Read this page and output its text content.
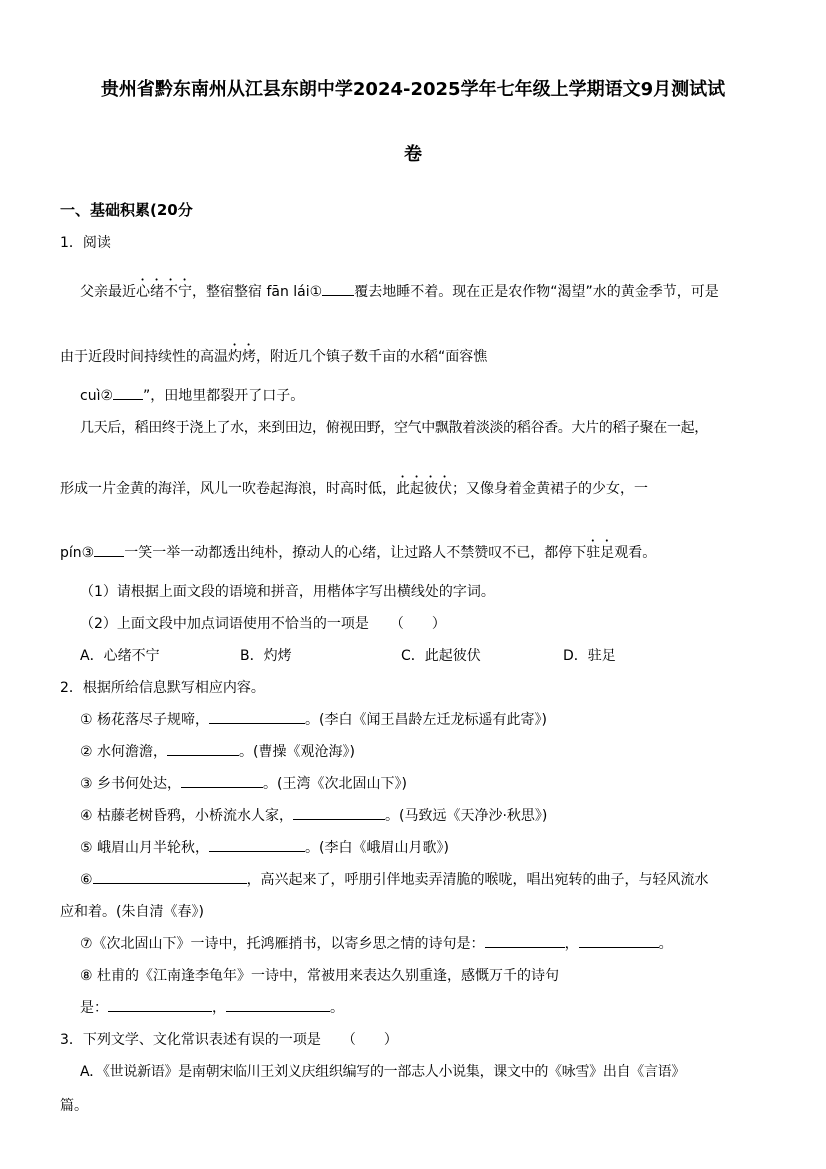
贵州省黔东南州从江县东朗中学2024-2025学年七年级上学期语文9月测试试
卷
一、基础积累(20分
1．阅读
父亲最近心绪不宁，整宿整宿 fān lái① 覆去地睡不着。现在正是农作物“渴望”水的黄金季节，可是
由于近段时间持续性的高温灼烤，附近几个镇子数千亩的水稻“面容憔
cuì② ”，田地里都裂开了口子。
几天后，稻田终于浇上了水，来到田边，俯视田野，空气中飘散着淡淡的稻谷香。大片的稻子聚在一起，
形成一片金黄的海洋，风儿一吹卷起海浪，时高时低，此起彼伏；又像身着金黄裙子的少女，一
pín③ 一笑一举一动都透出纯朴，撩动人的心绪，让过路人不禁赞叹不已，都停下驻足观看。
（1）请根据上面文段的语境和拼音，用楷体字写出横线处的字词。
（2）上面文段中加点词语使用不恰当的一项是　　（　　）
A．心绪不宁	B．灼烤	C．此起彼伏	D．驻足
2．根据所给信息默写相应内容。
① 杨花落尽子规啼，	。(李白《闻王昌龄左迁龙标遥有此寄》)
② 水何澹澹，	。(曹操《观沧海》)
③ 乡书何处达，	。(王湾《次北固山下》)
④ 枯藤老树昏鸦，小桥流水人家，	。(马致远《天净沙·秋思》)
⑤ 峨眉山月半轮秋，	。(李白《峨眉山月歌》)
⑥	，高兴起来了，呼朋引伴地卖弄清脆的喉咙，唱出宛转的曲子，与轻风流水
应和着。(朱自清《春》)
⑦《次北固山下》一诗中，托鸿雁捎书，以寄乡思之情的诗句是：	，	。
⑧ 杜甫的《江南逢李龟年》一诗中，常被用来表达久别重逢，感慨万千的诗句
是：	，	。
3．下列文学、文化常识表述有误的一项是　　（　　）
A．《世说新语》是南朝宋临川王刘义庆组织编写的一部志人小说集，课文中的《咏雪》出自《言语》
篇。
